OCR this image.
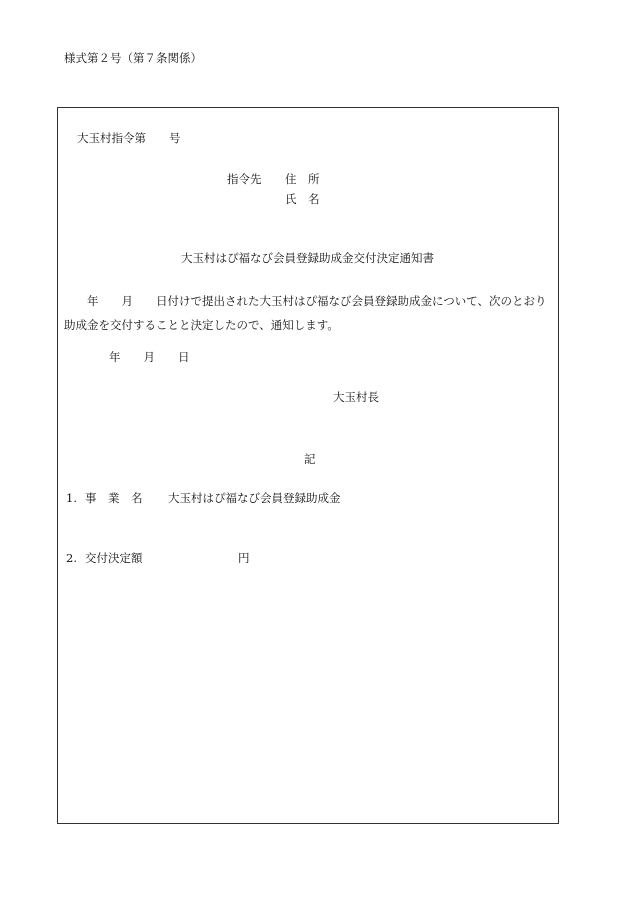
様式第２号（第７条関係）
大玉村指令第　　号
指令先 住　所
氏　名
大玉村はぴ福なび会員登録助成金交付決定通知書
　　年　　月　　日付けで提出された大玉村はぴ福なび会員登録助成金について、次のとおり助成金を交付することと決定したので、通知します。
年　　月　　日
大玉村長
記
1. 事　業　名 大玉村はぴ福なび会員登録助成金
2. 交付決定額	円
